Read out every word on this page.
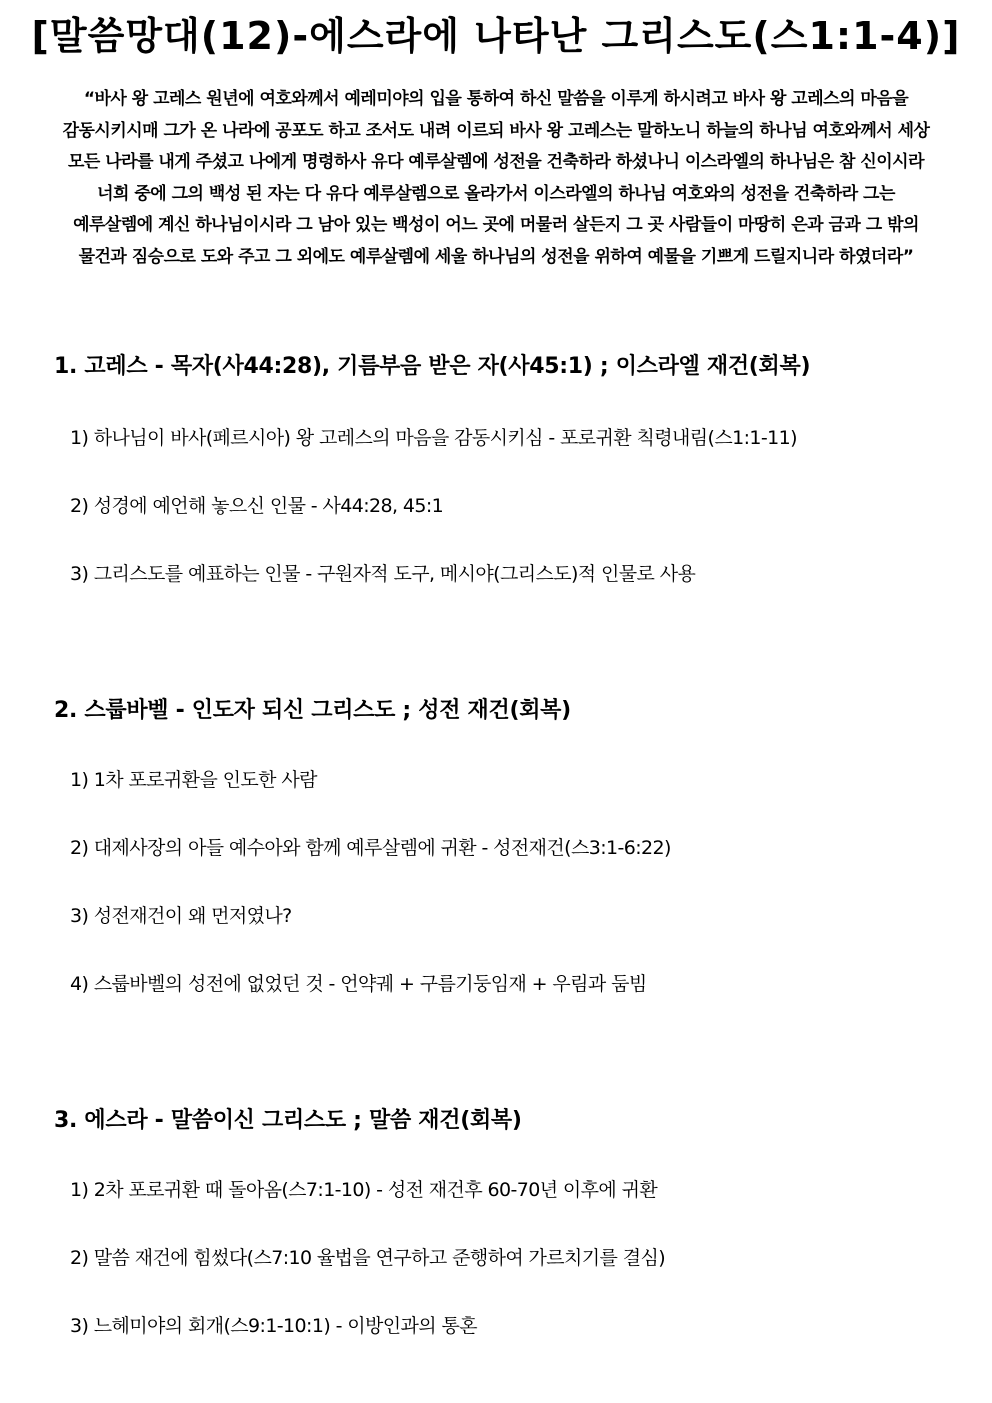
[말씀망대(12)-에스라에 나타난 그리스도(스1:1-4)]
“바사 왕 고레스 원년에 여호와께서 예레미야의 입을 통하여 하신 말씀을 이루게 하시려고 바사 왕 고레스의 마음을
감동시키시매 그가 온 나라에 공포도 하고 조서도 내려 이르되 바사 왕 고레스는 말하노니 하늘의 하나님 여호와께서 세상
모든 나라를 내게 주셨고 나에게 명령하사 유다 예루살렘에 성전을 건축하라 하셨나니 이스라엘의 하나님은 참 신이시라
너희 중에 그의 백성 된 자는 다 유다 예루살렘으로 올라가서 이스라엘의 하나님 여호와의 성전을 건축하라 그는
예루살렘에 계신 하나님이시라 그 남아 있는 백성이 어느 곳에 머물러 살든지 그 곳 사람들이 마땅히 은과 금과 그 밖의
물건과 짐승으로 도와 주고 그 외에도 예루살렘에 세울 하나님의 성전을 위하여 예물을 기쁘게 드릴지니라 하였더라”
1. 고레스 - 목자(사44:28), 기름부음 받은 자(사45:1) ; 이스라엘 재건(회복)
1) 하나님이 바사(페르시아) 왕 고레스의 마음을 감동시키심 - 포로귀환 칙령내림(스1:1-11)
2) 성경에 예언해 놓으신 인물 - 사44:28, 45:1
3) 그리스도를 예표하는 인물 - 구원자적 도구, 메시야(그리스도)적 인물로 사용
2. 스룹바벨 - 인도자 되신 그리스도 ; 성전 재건(회복)
1) 1차 포로귀환을 인도한 사람
2) 대제사장의 아들 예수아와 함께 예루살렘에 귀환 - 성전재건(스3:1-6:22)
3) 성전재건이 왜 먼저였나?
4) 스룹바벨의 성전에 없었던 것 - 언약궤 + 구름기둥임재 + 우림과 둠빔
3. 에스라 - 말씀이신 그리스도 ; 말씀 재건(회복)
1) 2차 포로귀환 때 돌아옴(스7:1-10) - 성전 재건후 60-70년 이후에 귀환
2) 말씀 재건에 힘썼다(스7:10 율법을 연구하고 준행하여 가르치기를 결심)
3) 느헤미야의 회개(스9:1-10:1) - 이방인과의 통혼
